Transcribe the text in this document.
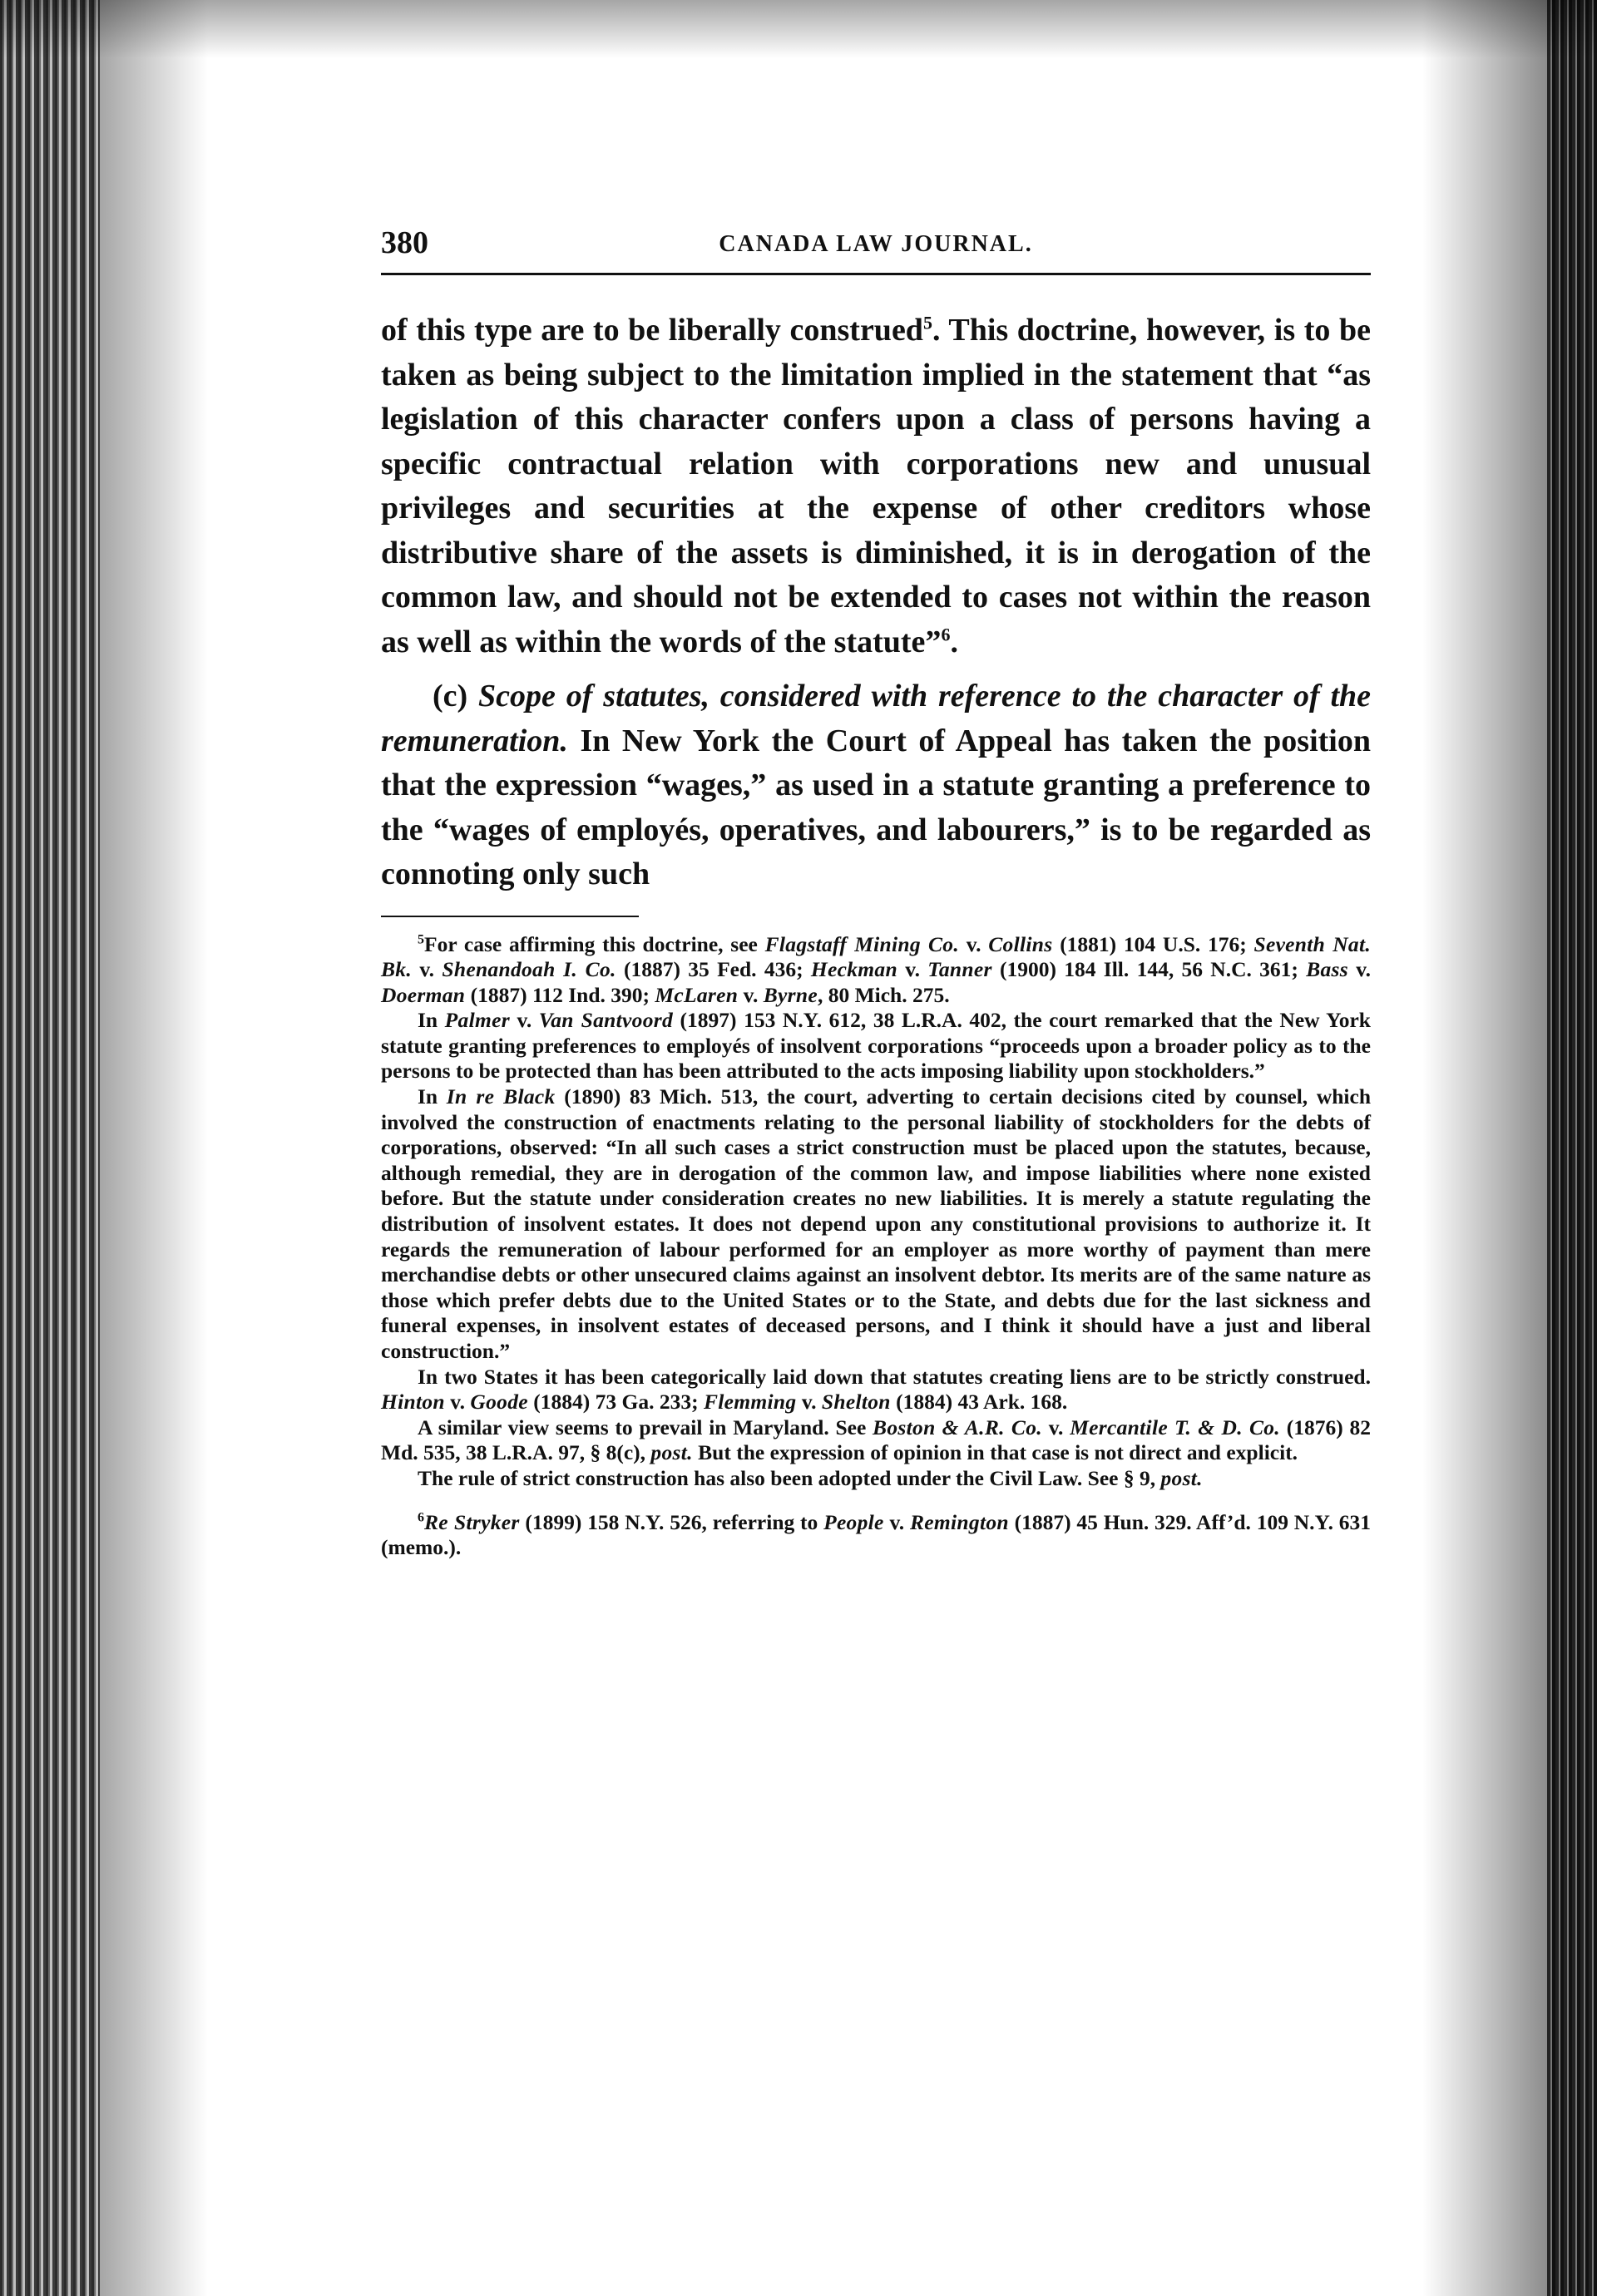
380	CANADA LAW JOURNAL.

of this type are to be liberally construed$^5$. This doctrine, however, is to be taken as being subject to the limitation implied in the statement that “as legislation of this character confers upon a class of persons having a specific contractual relation with corporations new and unusual privileges and securities at the expense of other creditors whose distributive share of the assets is diminished, it is in derogation of the common law, and should not be extended to cases not within the reason as well as within the words of the statute”$^6$.

(c) Scope of statutes, considered with reference to the character of the remuneration. In New York the Court of Appeal has taken the position that the expression “wages,” as used in a statute granting a preference to the “wages of employés, operatives, and labourers,” is to be regarded as connoting only such

$^5$For case affirming this doctrine, see Flagstaff Mining Co. v. Collins (1881) 104 U.S. 176; Seventh Nat. Bk. v. Shenandoah I. Co. (1887) 35 Fed. 436; Heckman v. Tanner (1900) 184 Ill. 144, 56 N.C. 361; Bass v. Doerman (1887) 112 Ind. 390; McLaren v. Byrne, 80 Mich. 275.

In Palmer v. Van Santvoord (1897) 153 N.Y. 612, 38 L.R.A. 402, the court remarked that the New York statute granting preferences to employés of insolvent corporations “proceeds upon a broader policy as to the persons to be protected than has been attributed to the acts imposing liability upon stockholders.”

In In re Black (1890) 83 Mich. 513, the court, adverting to certain decisions cited by counsel, which involved the construction of enactments relating to the personal liability of stockholders for the debts of corporations, observed: “In all such cases a strict construction must be placed upon the statutes, because, although remedial, they are in derogation of the common law, and impose liabilities where none existed before. But the statute under consideration creates no new liabilities. It is merely a statute regulating the distribution of insolvent estates. It does not depend upon any constitutional provisions to authorize it. It regards the remuneration of labour performed for an employer as more worthy of payment than mere merchandise debts or other unsecured claims against an insolvent debtor. Its merits are of the same nature as those which prefer debts due to the United States or to the State, and debts due for the last sickness and funeral expenses, in insolvent estates of deceased persons, and I think it should have a just and liberal construction.”

In two States it has been categorically laid down that statutes creating liens are to be strictly construed. Hinton v. Goode (1884) 73 Ga. 233; Flemming v. Shelton (1884) 43 Ark. 168.

A similar view seems to prevail in Maryland. See Boston & A.R. Co. v. Mercantile T. & D. Co. (1876) 82 Md. 535, 38 L.R.A. 97, § 8(c), post. But the expression of opinion in that case is not direct and explicit.

The rule of strict construction has also been adopted under the Civil Law. See § 9, post.

$^6$Re Stryker (1899) 158 N.Y. 526, referring to People v. Remington (1887) 45 Hun. 329. Aff’d. 109 N.Y. 631 (memo.).
